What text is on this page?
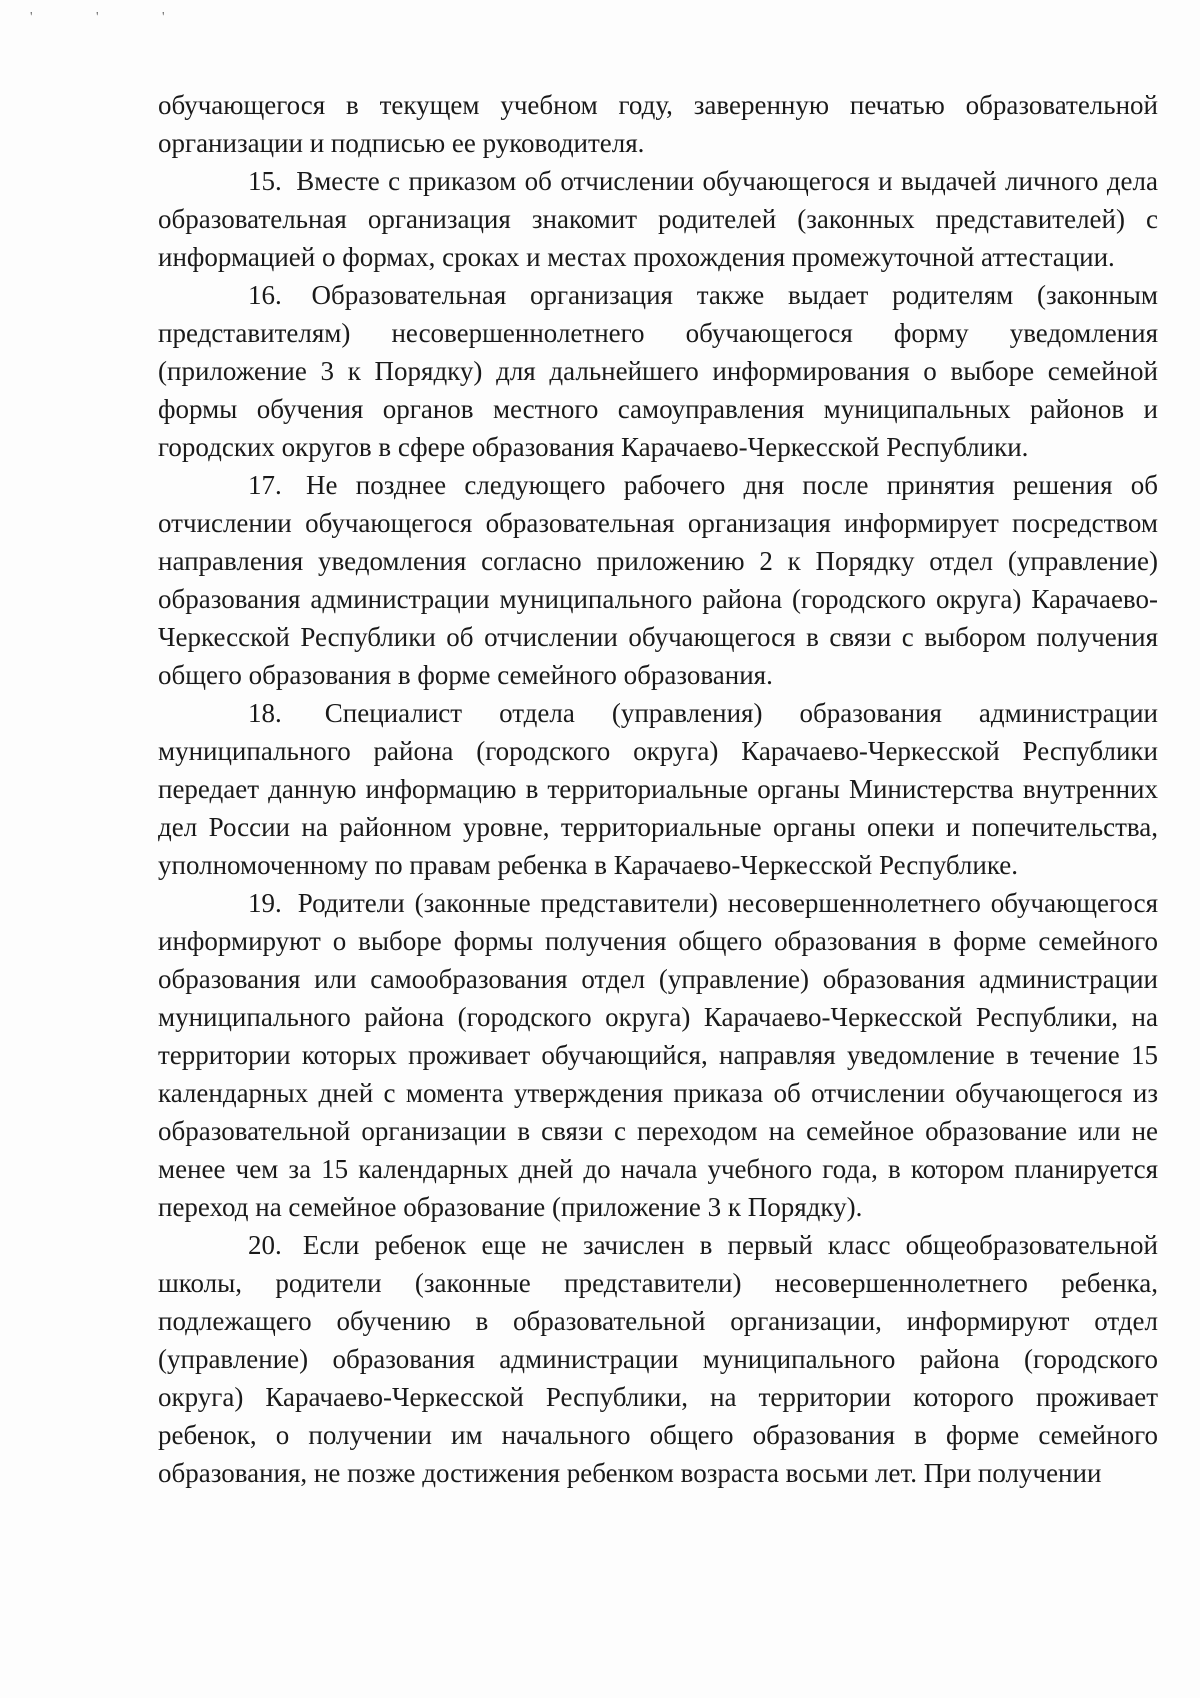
' ' '

обучающегося в текущем учебном году, заверенную печатью образовательной организации и подписью ее руководителя.

15. Вместе с приказом об отчислении обучающегося и выдачей личного дела образовательная организация знакомит родителей (законных представителей) с информацией о формах, сроках и местах прохождения промежуточной аттестации.

16. Образовательная организация также выдает родителям (законным представителям) несовершеннолетнего обучающегося форму уведомления (приложение 3 к Порядку) для дальнейшего информирования о выборе семейной формы обучения органов местного самоуправления муниципальных районов и городских округов в сфере образования Карачаево-Черкесской Республики.

17. Не позднее следующего рабочего дня после принятия решения об отчислении обучающегося образовательная организация информирует посредством направления уведомления согласно приложению 2 к Порядку отдел (управление) образования администрации муниципального района (городского округа) Карачаево-Черкесской Республики об отчислении обучающегося в связи с выбором получения общего образования в форме семейного образования.

18. Специалист отдела (управления) образования администрации муниципального района (городского округа) Карачаево-Черкесской Республики передает данную информацию в территориальные органы Министерства внутренних дел России на районном уровне, территориальные органы опеки и попечительства, уполномоченному по правам ребенка в Карачаево-Черкесской Республике.

19. Родители (законные представители) несовершеннолетнего обучающегося информируют о выборе формы получения общего образования в форме семейного образования или самообразования отдел (управление) образования администрации муниципального района (городского округа) Карачаево-Черкесской Республики, на территории которых проживает обучающийся, направляя уведомление в течение 15 календарных дней с момента утверждения приказа об отчислении обучающегося из образовательной организации в связи с переходом на семейное образование или не менее чем за 15 календарных дней до начала учебного года, в котором планируется переход на семейное образование (приложение 3 к Порядку).

20. Если ребенок еще не зачислен в первый класс общеобразовательной школы, родители (законные представители) несовершеннолетнего ребенка, подлежащего обучению в образовательной организации, информируют отдел (управление) образования администрации муниципального района (городского округа) Карачаево-Черкесской Республики, на территории которого проживает ребенок, о получении им начального общего образования в форме семейного образования, не позже достижения ребенком возраста восьми лет. При получении
